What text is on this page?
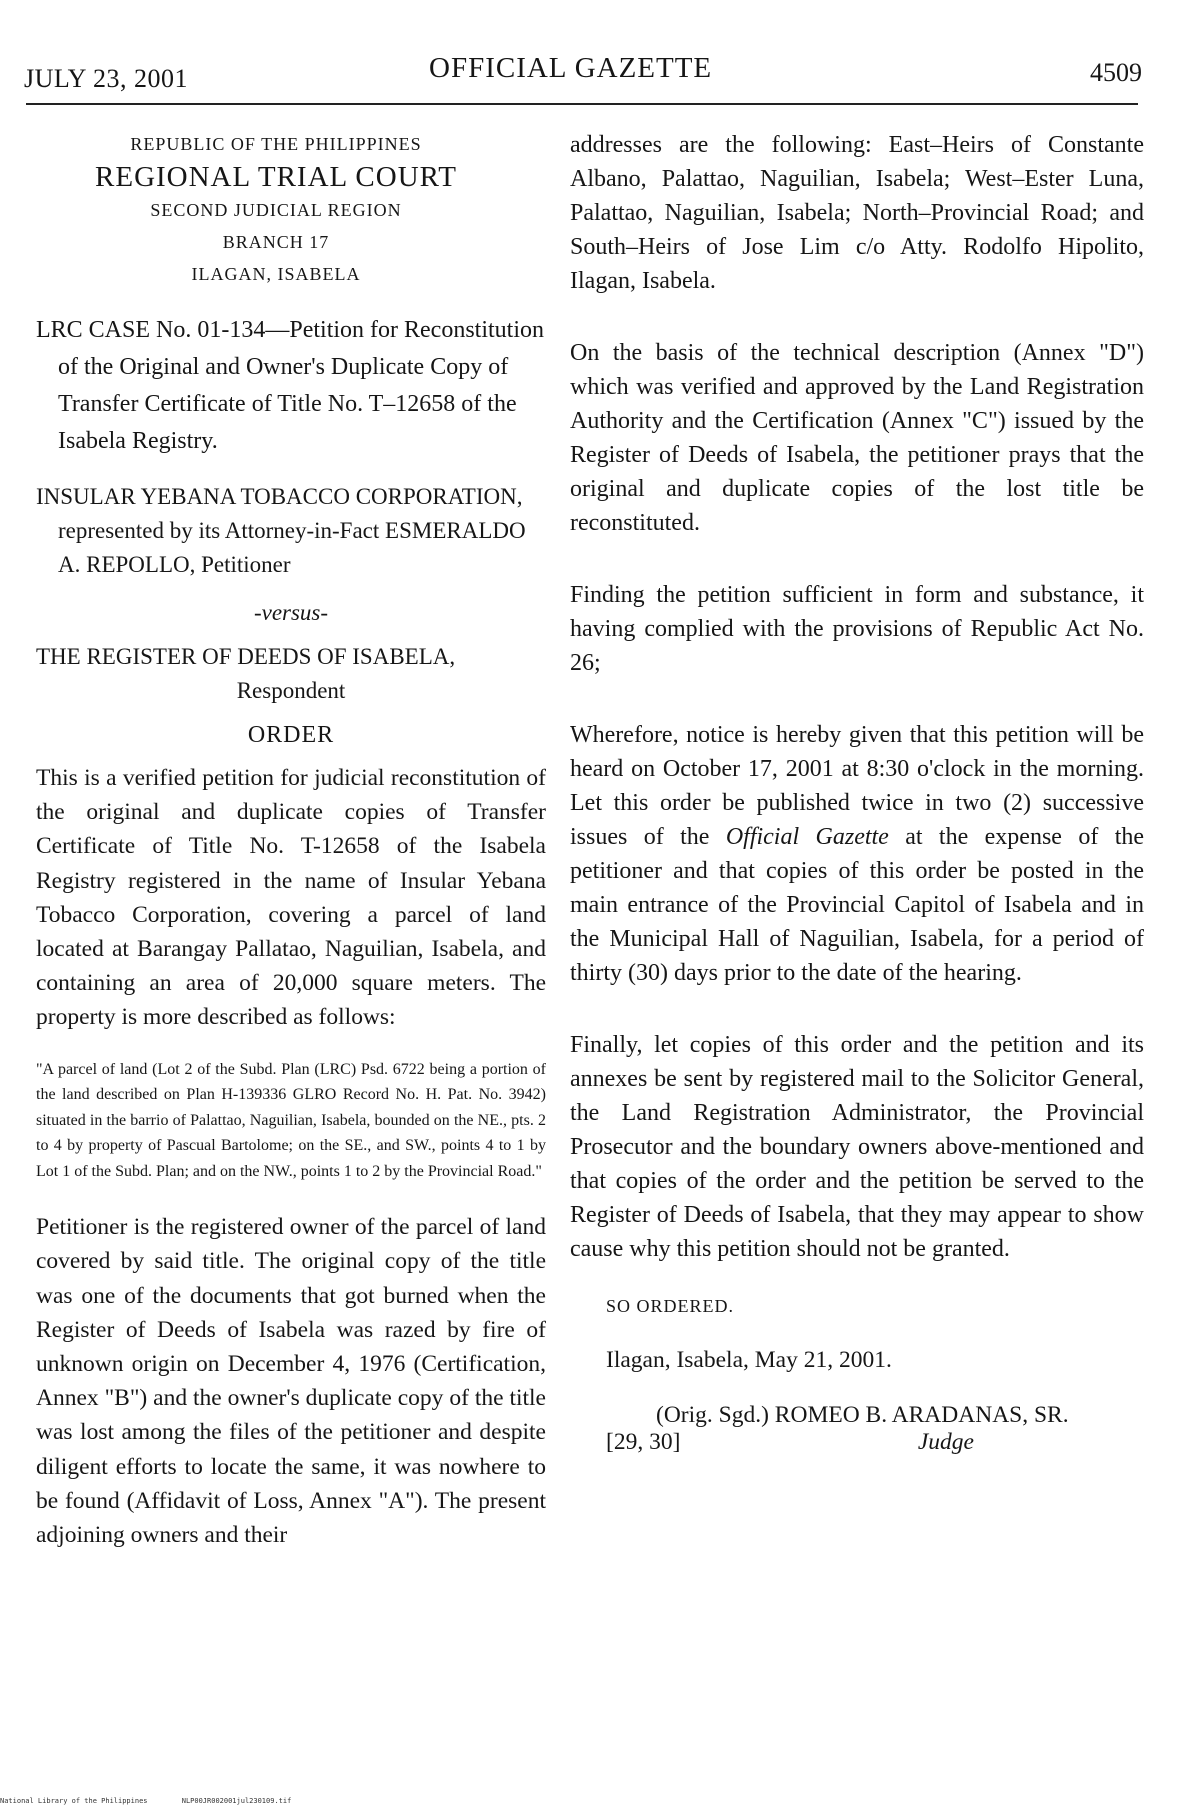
JULY 23, 2001	OFFICIAL GAZETTE	4509
REPUBLIC OF THE PHILIPPINES
REGIONAL TRIAL COURT
SECOND JUDICIAL REGION
BRANCH 17
ILAGAN, ISABELA
LRC CASE No. 01-134—Petition for Reconstitution of the Original and Owner's Duplicate Copy of Transfer Certificate of Title No. T–12658 of the Isabela Registry.
INSULAR YEBANA TOBACCO CORPORATION, represented by its Attorney-in-Fact ESMERALDO A. REPOLLO, Petitioner
-versus-
THE REGISTER OF DEEDS OF ISABELA,
Respondent
ORDER

This is a verified petition for judicial reconstitution of the original and duplicate copies of Transfer Certificate of Title No. T-12658 of the Isabela Registry registered in the name of Insular Yebana Tobacco Corporation, covering a parcel of land located at Barangay Pallatao, Naguilian, Isabela, and containing an area of 20,000 square meters. The property is more described as follows:

"A parcel of land (Lot 2 of the Subd. Plan (LRC) Psd. 6722 being a portion of the land described on Plan H-139336 GLRO Record No. H. Pat. No. 3942) situated in the barrio of Palattao, Naguilian, Isabela, bounded on the NE., pts. 2 to 4 by property of Pascual Bartolome; on the SE., and SW., points 4 to 1 by Lot 1 of the Subd. Plan; and on the NW., points 1 to 2 by the Provincial Road."

Petitioner is the registered owner of the parcel of land covered by said title. The original copy of the title was one of the documents that got burned when the Register of Deeds of Isabela was razed by fire of unknown origin on December 4, 1976 (Certification, Annex "B") and the owner's duplicate copy of the title was lost among the files of the petitioner and despite diligent efforts to locate the same, it was nowhere to be found (Affidavit of Loss, Annex "A"). The present adjoining owners and their

addresses are the following: East–Heirs of Constante Albano, Palattao, Naguilian, Isabela; West–Ester Luna, Palattao, Naguilian, Isabela; North–Provincial Road; and South–Heirs of Jose Lim c/o Atty. Rodolfo Hipolito, Ilagan, Isabela.

On the basis of the technical description (Annex "D") which was verified and approved by the Land Registration Authority and the Certification (Annex "C") issued by the Register of Deeds of Isabela, the petitioner prays that the original and duplicate copies of the lost title be reconstituted.

Finding the petition sufficient in form and substance, it having complied with the provisions of Republic Act No. 26;

Wherefore, notice is hereby given that this petition will be heard on October 17, 2001 at 8:30 o'clock in the morning. Let this order be published twice in two (2) successive issues of the Official Gazette at the expense of the petitioner and that copies of this order be posted in the main entrance of the Provincial Capitol of Isabela and in the Municipal Hall of Naguilian, Isabela, for a period of thirty (30) days prior to the date of the hearing.

Finally, let copies of this order and the petition and its annexes be sent by registered mail to the Solicitor General, the Land Registration Administrator, the Provincial Prosecutor and the boundary owners above-mentioned and that copies of the order and the petition be served to the Register of Deeds of Isabela, that they may appear to show cause why this petition should not be granted.

SO ORDERED.
Ilagan, Isabela, May 21, 2001.
(Orig. Sgd.) ROMEO B. ARADANAS, SR.
[29, 30]	Judge
National Library of the Philippines	NLP00JR002001jul230109.tif
